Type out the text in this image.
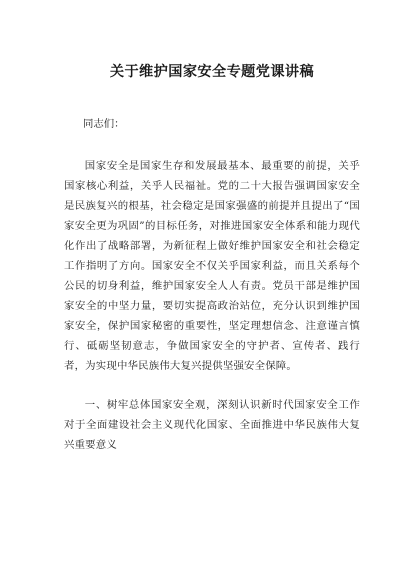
关于维护国家安全专题党课讲稿

同志们：

国家安全是国家生存和发展最基本、最重要的前提，关乎国家核心利益，关乎人民福祉。党的二十大报告强调国家安全是民族复兴的根基，社会稳定是国家强盛的前提并且提出了“国家安全更为巩固”的目标任务，对推进国家安全体系和能力现代化作出了战略部署，为新征程上做好维护国家安全和社会稳定工作指明了方向。国家安全不仅关乎国家利益，而且关系每个公民的切身利益，维护国家安全人人有责。党员干部是维护国家安全的中坚力量，要切实提高政治站位，充分认识到维护国家安全，保护国家秘密的重要性，坚定理想信念、注意谨言慎行、砥砺坚韧意志，争做国家安全的守护者、宣传者、践行者，为实现中华民族伟大复兴提供坚强安全保障。

一、树牢总体国家安全观，深刻认识新时代国家安全工作对于全面建设社会主义现代化国家、全面推进中华民族伟大复兴重要意义
